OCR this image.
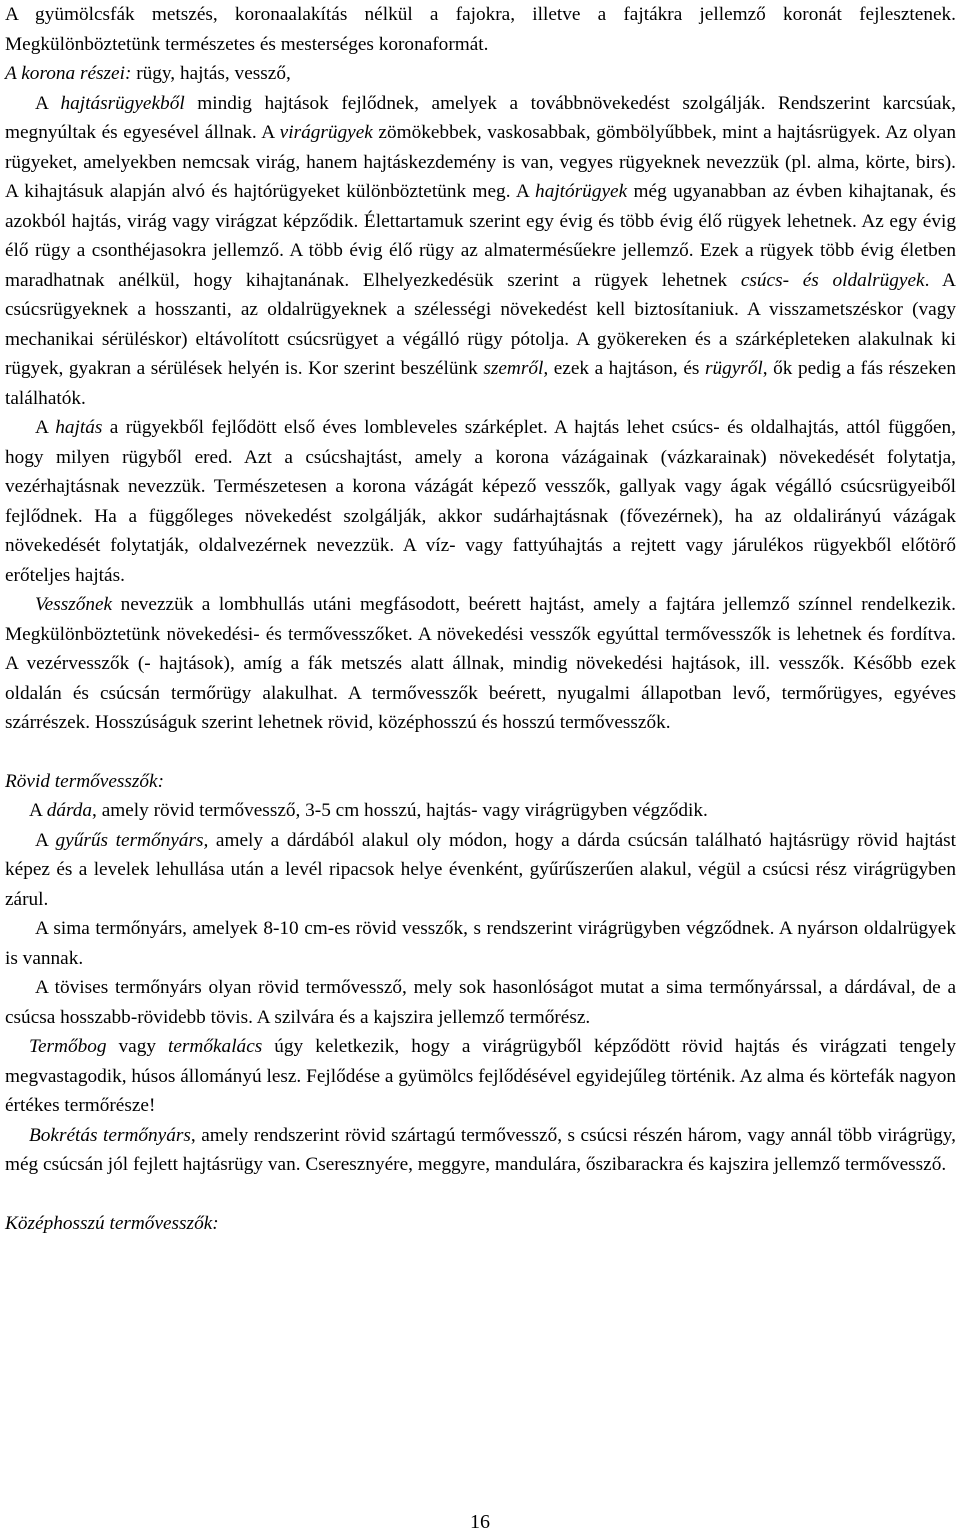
A gyümölcsfák metszés, koronaalakítás nélkül a fajokra, illetve a fajtákra jellemző koronát fejlesztenek. Megkülönböztetünk természetes és mesterséges koronaformát.

A korona részei: rügy, hajtás, vessző,

A hajtásrügyekből mindig hajtások fejlődnek, amelyek a továbbnövekedést szolgálják. Rendszerint karcsúak, megnyúltak és egyesével állnak. A virágrügyek zömökebbek, vaskosabbak, gömbölyűbbek, mint a hajtásrügyek. Az olyan rügyeket, amelyekben nemcsak virág, hanem hajtáskezdemény is van, vegyes rügyeknek nevezzük (pl. alma, körte, birs). A kihajtásuk alapján alvó és hajtórügyeket különböztetünk meg. A hajtórügyek még ugyanabban az évben kihajtanak, és azokból hajtás, virág vagy virágzat képződik. Élettartamuk szerint egy évig és több évig élő rügyek lehetnek. Az egy évig élő rügy a csonthéjasokra jellemző. A több évig élő rügy az almatermésűekre jellemző. Ezek a rügyek több évig életben maradhatnak anélkül, hogy kihajtanának. Elhelyezkedésük szerint a rügyek lehetnek csúcs- és oldalrügyek. A csúcsrügyeknek a hosszanti, az oldalrügyeknek a szélességi növekedést kell biztosítaniuk. A visszametszéskor (vagy mechanikai sérüléskor) eltávolított csúcsrügyet a végálló rügy pótolja. A gyökereken és a szárképleteken alakulnak ki rügyek, gyakran a sérülések helyén is. Kor szerint beszélünk szemről, ezek a hajtáson, és rügyről, ők pedig a fás részeken találhatók.

A hajtás a rügyekből fejlődött első éves lombleveles szárképlet. A hajtás lehet csúcs- és oldalhajtás, attól függően, hogy milyen rügyből ered. Azt a csúcshajtást, amely a korona vázágainak (vázkarainak) növekedését folytatja, vezérhajtásnak nevezzük. Természetesen a korona vázágát képező vesszők, gallyak vagy ágak végálló csúcsrügyeiből fejlődnek. Ha a függőleges növekedést szolgálják, akkor sudárhajtásnak (fővezérnek), ha az oldalirányú vázágak növekedését folytatják, oldalvezérnek nevezzük. A víz- vagy fattyúhajtás a rejtett vagy járulékos rügyekből előtörő erőteljes hajtás.

Vesszőnek nevezzük a lombhullás utáni megfásodott, beérett hajtást, amely a fajtára jellemző színnel rendelkezik. Megkülönböztetünk növekedési- és termővesszőket. A növekedési vesszők egyúttal termővesszők is lehetnek és fordítva. A vezérvesszők (- hajtások), amíg a fák metszés alatt állnak, mindig növekedési hajtások, ill. vesszők. Később ezek oldalán és csúcsán termőrügy alakulhat. A termővesszők beérett, nyugalmi állapotban levő, termőrügyes, egyéves szárrészek. Hosszúságuk szerint lehetnek rövid, középhosszú és hosszú termővesszők.

Rövid termővesszők:

A dárda, amely rövid termővessző, 3-5 cm hosszú, hajtás- vagy virágrügyben végződik.

A gyűrűs termőnyárs, amely a dárdából alakul oly módon, hogy a dárda csúcsán található hajtásrügy rövid hajtást képez és a levelek lehullása után a levél ripacsok helye évenként, gyűrűszerűen alakul, végül a csúcsi rész virágrügyben zárul.

A sima termőnyárs, amelyek 8-10 cm-es rövid vesszők, s rendszerint virágrügyben végződnek. A nyárson oldalrügyek is vannak.

A tövises termőnyárs olyan rövid termővessző, mely sok hasonlóságot mutat a sima termőnyárssal, a dárdával, de a csúcsa hosszabb-rövidebb tövis. A szilvára és a kajszira jellemző termőrész.

Termőbog vagy termőkalács úgy keletkezik, hogy a virágrügyből képződött rövid hajtás és virágzati tengely megvastagodik, húsos állományú lesz. Fejlődése a gyümölcs fejlődésével egyidejűleg történik. Az alma és körtefák nagyon értékes termőrésze!

Bokrétás termőnyárs, amely rendszerint rövid szártagú termővessző, s csúcsi részén három, vagy annál több virágrügy, még csúcsán jól fejlett hajtásrügy van. Cseresznyére, meggyre, mandulára, őszibarackra és kajszira jellemző termővessző.

Középhosszú termővesszők:

16
